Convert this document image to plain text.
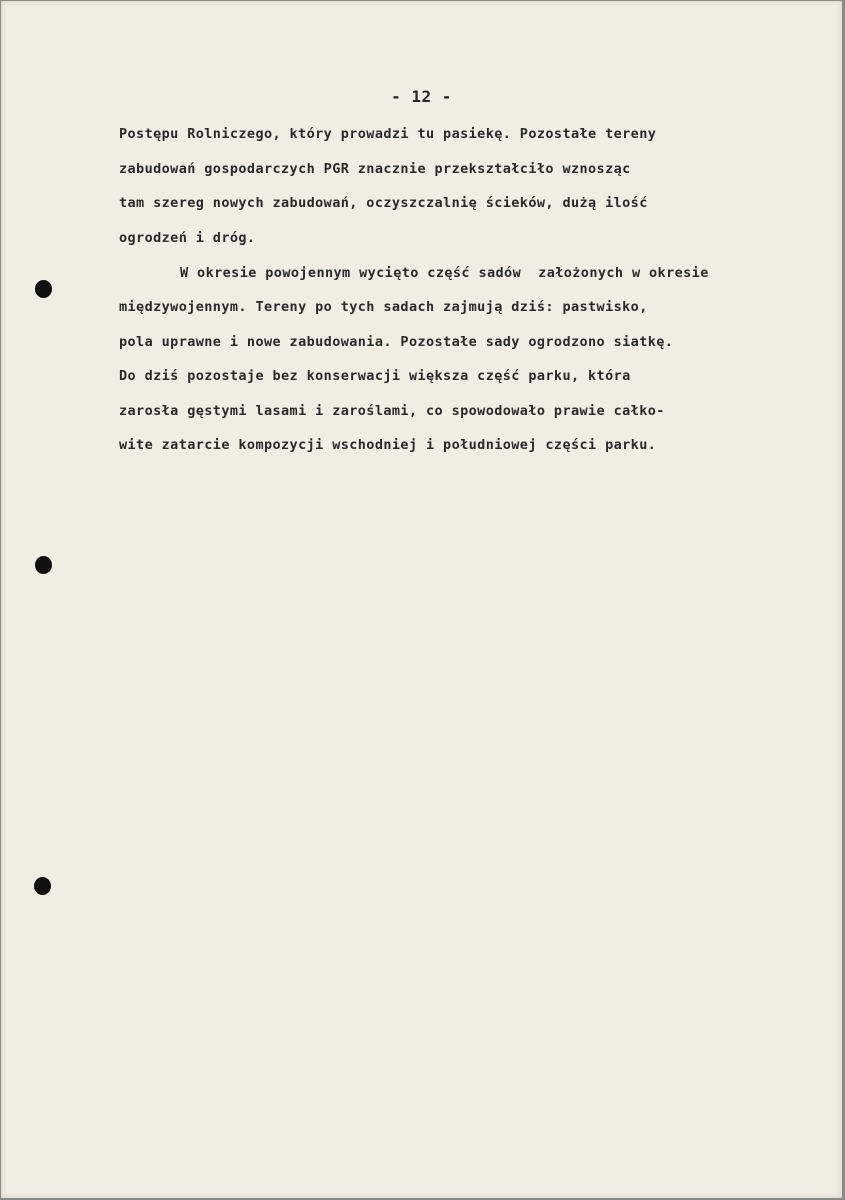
- 12 -
Postępu Rolniczego, który prowadzi tu pasiekę. Pozostałe tereny
zabudowań gospodarczych PGR znacznie przekształciło wznosząc
tam szereg nowych zabudowań, oczyszczalnię ścieków, dużą ilość
ogrodzeń i dróg.
W okresie powojennym wycięto część sadów  założonych w okresie
międzywojennym. Tereny po tych sadach zajmują dziś: pastwisko,
pola uprawne i nowe zabudowania. Pozostałe sady ogrodzono siatkę.
Do dziś pozostaje bez konserwacji większa część parku, która
zarosła gęstymi lasami i zaroślami, co spowodowało prawie całko-
wite zatarcie kompozycji wschodniej i południowej części parku.
